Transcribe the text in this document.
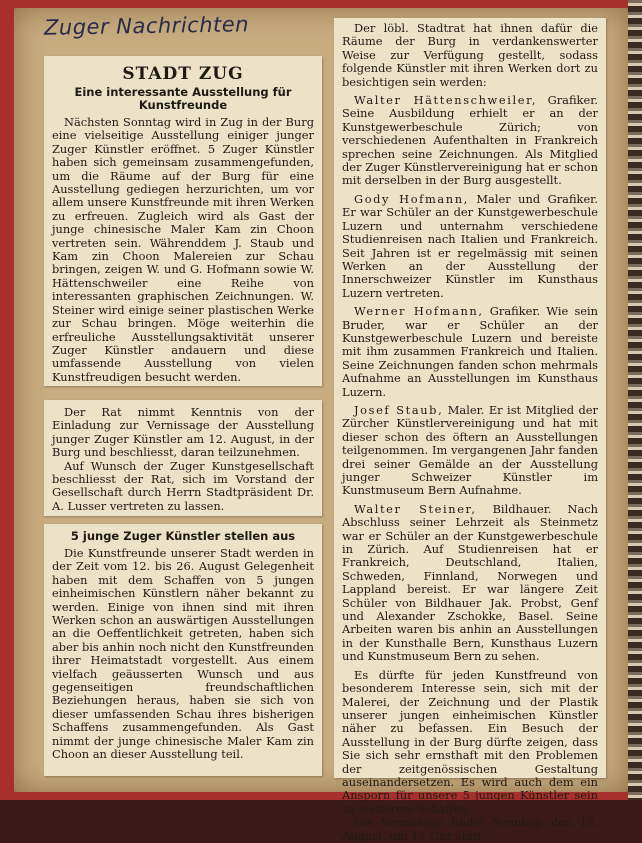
Zuger Nachrichten
STADT ZUG
Eine interessante Ausstellung für Kunstfreunde

Nächsten Sonntag wird in Zug in der Burg eine vielseitige Ausstellung einiger junger Zuger Künstler eröffnet. 5 Zuger Künstler haben sich gemeinsam zusammengefunden, um die Räume auf der Burg für eine Ausstellung gediegen herzurichten, um vor allem unsere Kunstfreunde mit ihren Werken zu erfreuen. Zugleich wird als Gast der junge chinesische Maler Kam zin Choon vertreten sein. Währenddem J. Staub und Kam zin Choon Malereien zur Schau bringen, zeigen W. und G. Hofmann sowie W. Hättenschweiler eine Reihe von interessanten graphischen Zeichnungen. W. Steiner wird einige seiner plastischen Werke zur Schau bringen. Möge weiterhin die erfreuliche Ausstellungsaktivität unserer Zuger Künstler andauern und diese umfassende Ausstellung von vielen Kunstfreudigen besucht werden.

Der Rat nimmt Kenntnis von der Einladung zur Vernissage der Ausstellung junger Zuger Künstler am 12. August, in der Burg und beschliesst, daran teilzunehmen.

Auf Wunsch der Zuger Kunstgesellschaft beschliesst der Rat, sich im Vorstand der Gesellschaft durch Herrn Stadtpräsident Dr. A. Lusser vertreten zu lassen.

5 junge Zuger Künstler stellen aus

Die Kunstfreunde unserer Stadt werden in der Zeit vom 12. bis 26. August Gelegenheit haben mit dem Schaffen von 5 jungen einheimischen Künstlern näher bekannt zu werden. Einige von ihnen sind mit ihren Werken schon an auswärtigen Ausstellungen an die Oeffentlichkeit getreten, haben sich aber bis anhin noch nicht den Kunstfreunden ihrer Heimatstadt vorgestellt. Aus einem vielfach geäusserten Wunsch und aus gegenseitigen freundschaftlichen Beziehungen heraus, haben sie sich von dieser umfassenden Schau ihres bisherigen Schaffens zusammengefunden. Als Gast nimmt der junge chinesische Maler Kam zin Choon an dieser Ausstellung teil.

Der löbl. Stadtrat hat ihnen dafür die Räume der Burg in verdankenswerter Weise zur Verfügung gestellt, sodass folgende Künstler mit ihren Werken dort zu besichtigen sein werden:

Walter Hättenschweiler, Grafiker. Seine Ausbildung erhielt er an der Kunstgewerbeschule Zürich; von verschiedenen Aufenthalten in Frankreich sprechen seine Zeichnungen. Als Mitglied der Zuger Künstlervereinigung hat er schon mit derselben in der Burg ausgestellt.

Gody Hofmann, Maler und Grafiker. Er war Schüler an der Kunstgewerbeschule Luzern und unternahm verschiedene Studienreisen nach Italien und Frankreich. Seit Jahren ist er regelmässig mit seinen Werken an der Ausstellung der Innerschweizer Künstler im Kunsthaus Luzern vertreten.

Werner Hofmann, Grafiker. Wie sein Bruder, war er Schüler an der Kunstgewerbeschule Luzern und bereiste mit ihm zusammen Frankreich und Italien. Seine Zeichnungen fanden schon mehrmals Aufnahme an Ausstellungen im Kunsthaus Luzern.

Josef Staub, Maler. Er ist Mitglied der Zürcher Künstlervereinigung und hat mit dieser schon des öftern an Ausstellungen teilgenommen. Im vergangenen Jahr fanden drei seiner Gemälde an der Ausstellung junger Schweizer Künstler im Kunstmuseum Bern Aufnahme.

Walter Steiner, Bildhauer. Nach Abschluss seiner Lehrzeit als Steinmetz war er Schüler an der Kunstgewerbeschule in Zürich. Auf Studienreisen hat er Frankreich, Deutschland, Italien, Schweden, Finnland, Norwegen und Lappland bereist. Er war längere Zeit Schüler von Bildhauer Jak. Probst, Genf und Alexander Zschokke, Basel. Seine Arbeiten waren bis anhin an Ausstellungen in der Kunsthalle Bern, Kunsthaus Luzern und Kunstmuseum Bern zu sehen.

Es dürfte für jeden Kunstfreund von besonderem Interesse sein, sich mit der Malerei, der Zeichnung und der Plastik unserer jungen einheimischen Künstler näher zu befassen. Ein Besuch der Ausstellung in der Burg dürfte zeigen, dass Sie sich sehr ernsthaft mit den Problemen der zeitgenössischen Gestaltung auseinandersetzen. Es wird auch dem ein Ansporn für unsere 5 jungen Künstler sein zu weiterem Schaffen.

Die Vernissage findet Sonntag, den 12. August, um 11 Uhr statt.
